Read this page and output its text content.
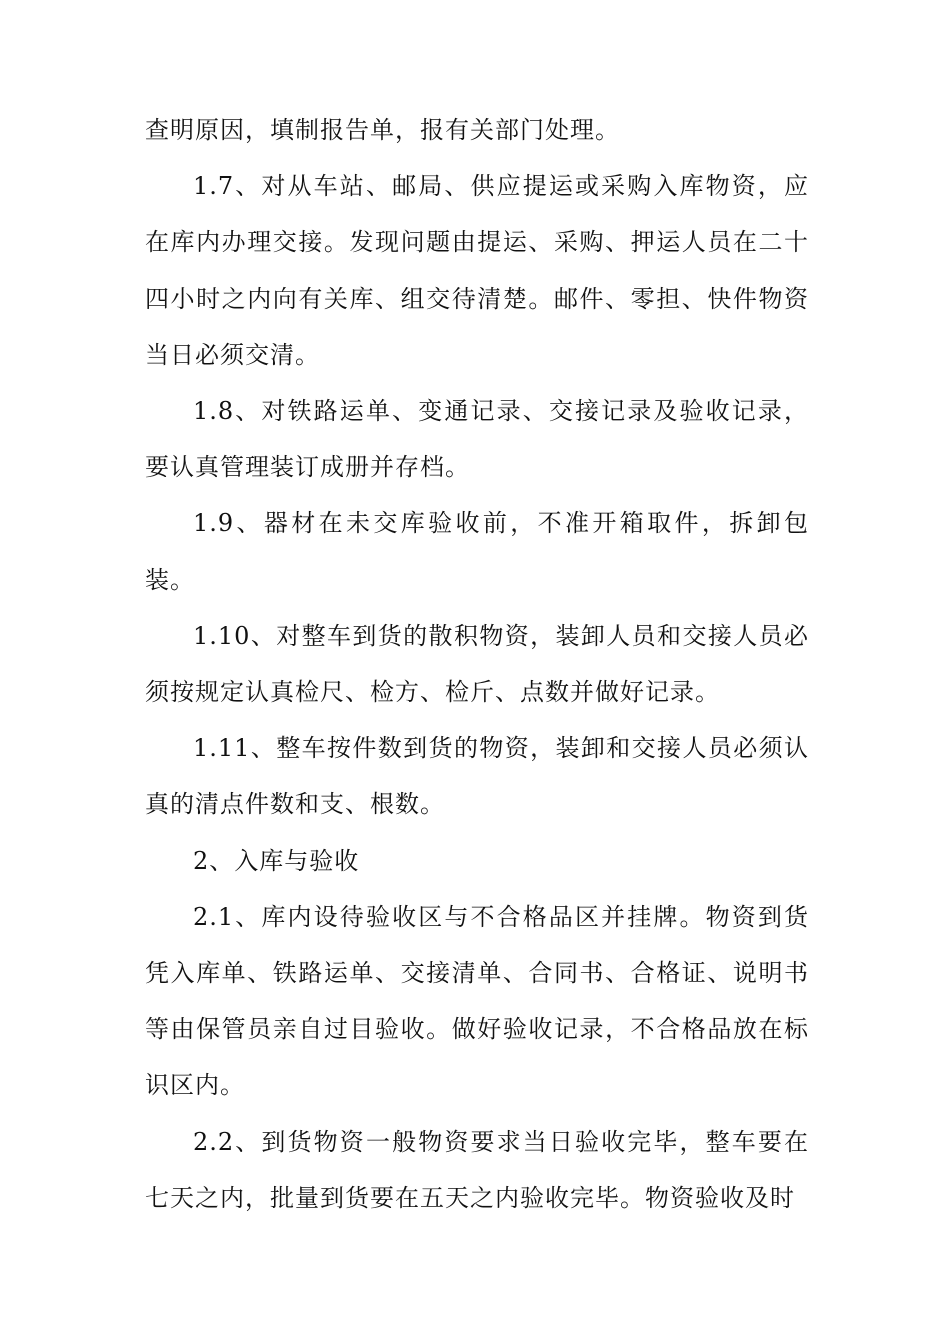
查明原因，填制报告单，报有关部门处理。

1.7、对从车站、邮局、供应提运或采购入库物资，应在库内办理交接。发现问题由提运、采购、押运人员在二十四小时之内向有关库、组交待清楚。邮件、零担、快件物资当日必须交清。

1.8、对铁路运单、变通记录、交接记录及验收记录，要认真管理装订成册并存档。

1.9、器材在未交库验收前，不准开箱取件，拆卸包装。

1.10、对整车到货的散积物资，装卸人员和交接人员必须按规定认真检尺、检方、检斤、点数并做好记录。

1.11、整车按件数到货的物资，装卸和交接人员必须认真的清点件数和支、根数。

2、入库与验收

2.1、库内设待验收区与不合格品区并挂牌。物资到货凭入库单、铁路运单、交接清单、合同书、合格证、说明书等由保管员亲自过目验收。做好验收记录，不合格品放在标识区内。

2.2、到货物资一般物资要求当日验收完毕，整车要在七天之内，批量到货要在五天之内验收完毕。物资验收及时
